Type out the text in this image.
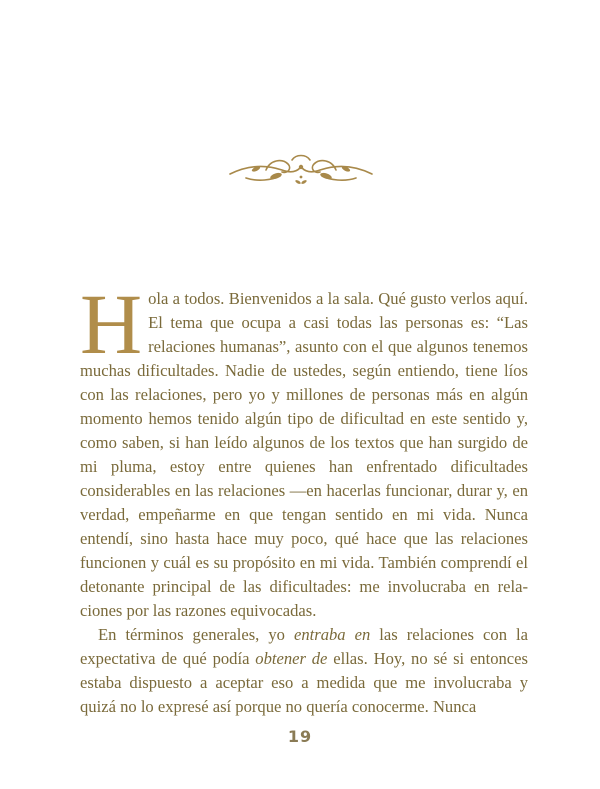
Hola a todos. Bienvenidos a la sala. Qué gusto verlos aquí. El tema que ocupa a casi todas las personas es: “Las relaciones humanas”, asunto con el que algunos tenemos muchas dificultades. Nadie de ustedes, según entiendo, tiene líos con las relaciones, pero yo y millones de personas más en algún momento hemos tenido algún tipo de dificultad en este sentido y, como saben, si han leído algunos de los textos que han surgido de mi pluma, estoy entre quienes han enfrentado dificultades considerables en las relaciones —en hacerlas funcionar, durar y, en verdad, empeñarme en que tengan sentido en mi vida. Nunca entendí, sino hasta hace muy poco, qué hace que las relaciones funcionen y cuál es su propósito en mi vida. También comprendí el detonante principal de las dificultades: me involucraba en relaciones por las razones equivocadas.

En términos generales, yo entraba en las relaciones con la expectativa de qué podía obtener de ellas. Hoy, no sé si entonces estaba dispuesto a aceptar eso a medida que me involucraba y quizá no lo expresé así porque no quería conocerme. Nunca

19
